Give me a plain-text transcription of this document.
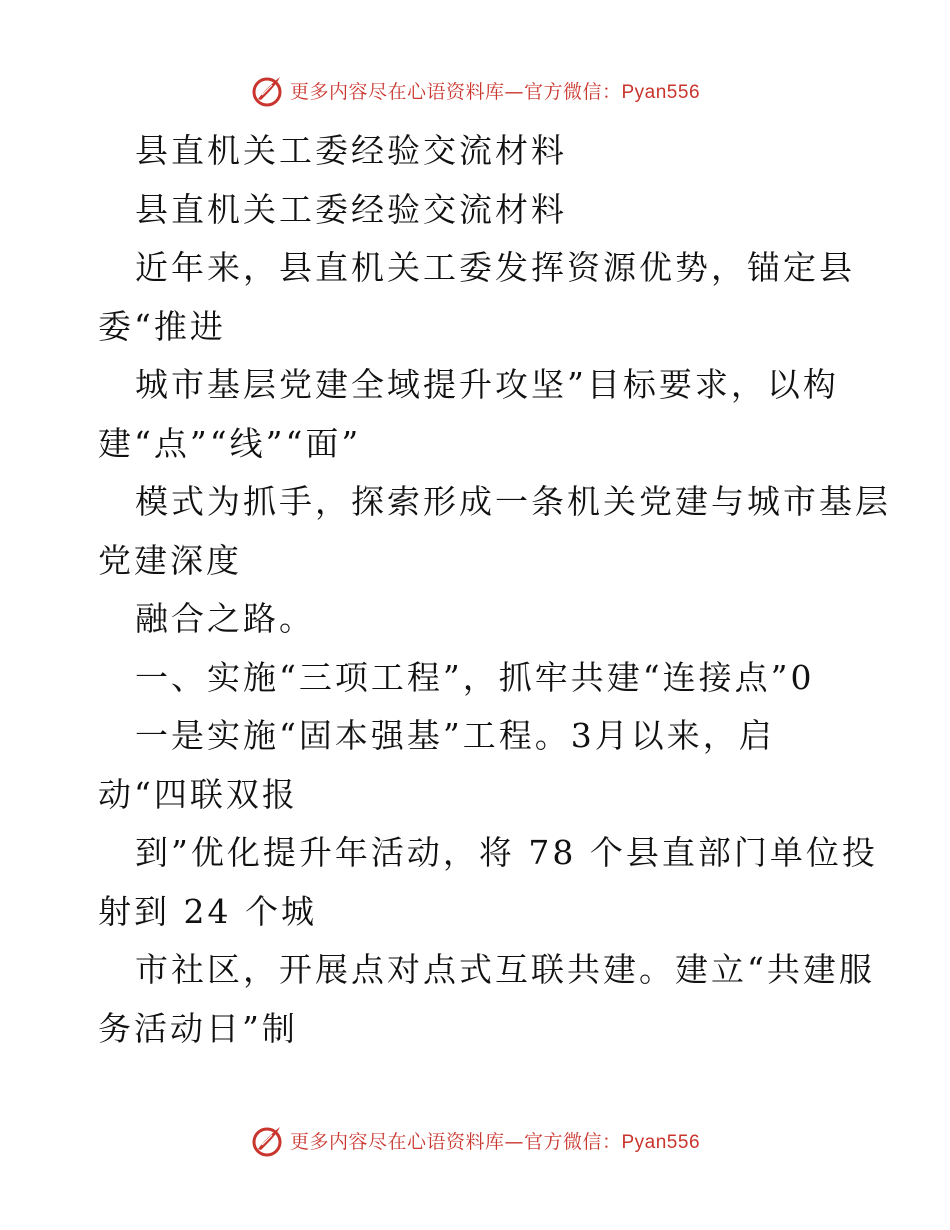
更多内容尽在心语资料库—官方微信：Pyan556
县直机关工委经验交流材料
县直机关工委经验交流材料
近年来，县直机关工委发挥资源优势，锚定县
委“推进
城市基层党建全域提升攻坚”目标要求，以构
建“点”“线”“面”
模式为抓手，探索形成一条机关党建与城市基层
党建深度
融合之路。
一、实施“三项工程”，抓牢共建“连接点”0
一是实施“固本强基”工程。3月以来，启
动“四联双报
到”优化提升年活动，将 78 个县直部门单位投
射到 24 个城
市社区，开展点对点式互联共建。建立“共建服
务活动日”制
更多内容尽在心语资料库—官方微信：Pyan556
